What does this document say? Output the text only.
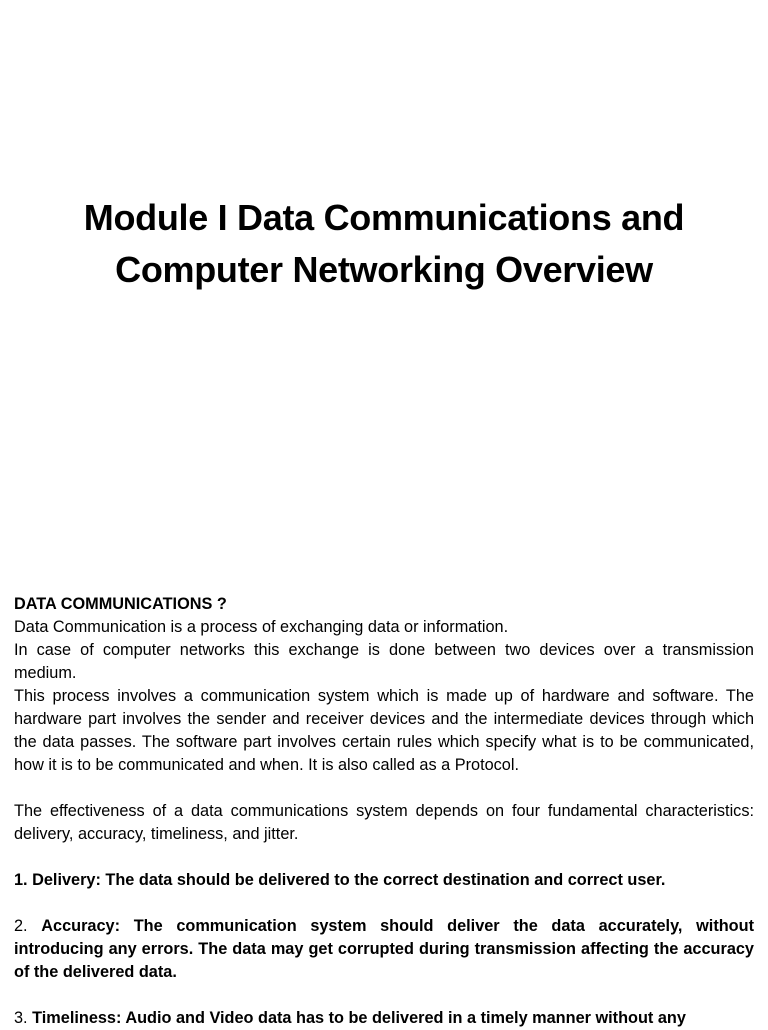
Module I Data Communications and
Computer Networking Overview

DATA COMMUNICATIONS ?

Data Communication is a process of exchanging data or information.

In case of computer networks this exchange is done between two devices over a transmission medium.

This process involves a communication system which is made up of hardware and software. The hardware part involves the sender and receiver devices and the intermediate devices through which the data passes. The software part involves certain rules which specify what is to be communicated, how it is to be communicated and when. It is also called as a Protocol.

The effectiveness of a data communications system depends on four fundamental characteristics: delivery, accuracy, timeliness, and jitter.

1. Delivery: The data should be delivered to the correct destination and correct user.

2. Accuracy: The communication system should deliver the data accurately, without introducing any errors. The data may get corrupted during transmission affecting the accuracy of the delivered data.

3. Timeliness: Audio and Video data has to be delivered in a timely manner without any
